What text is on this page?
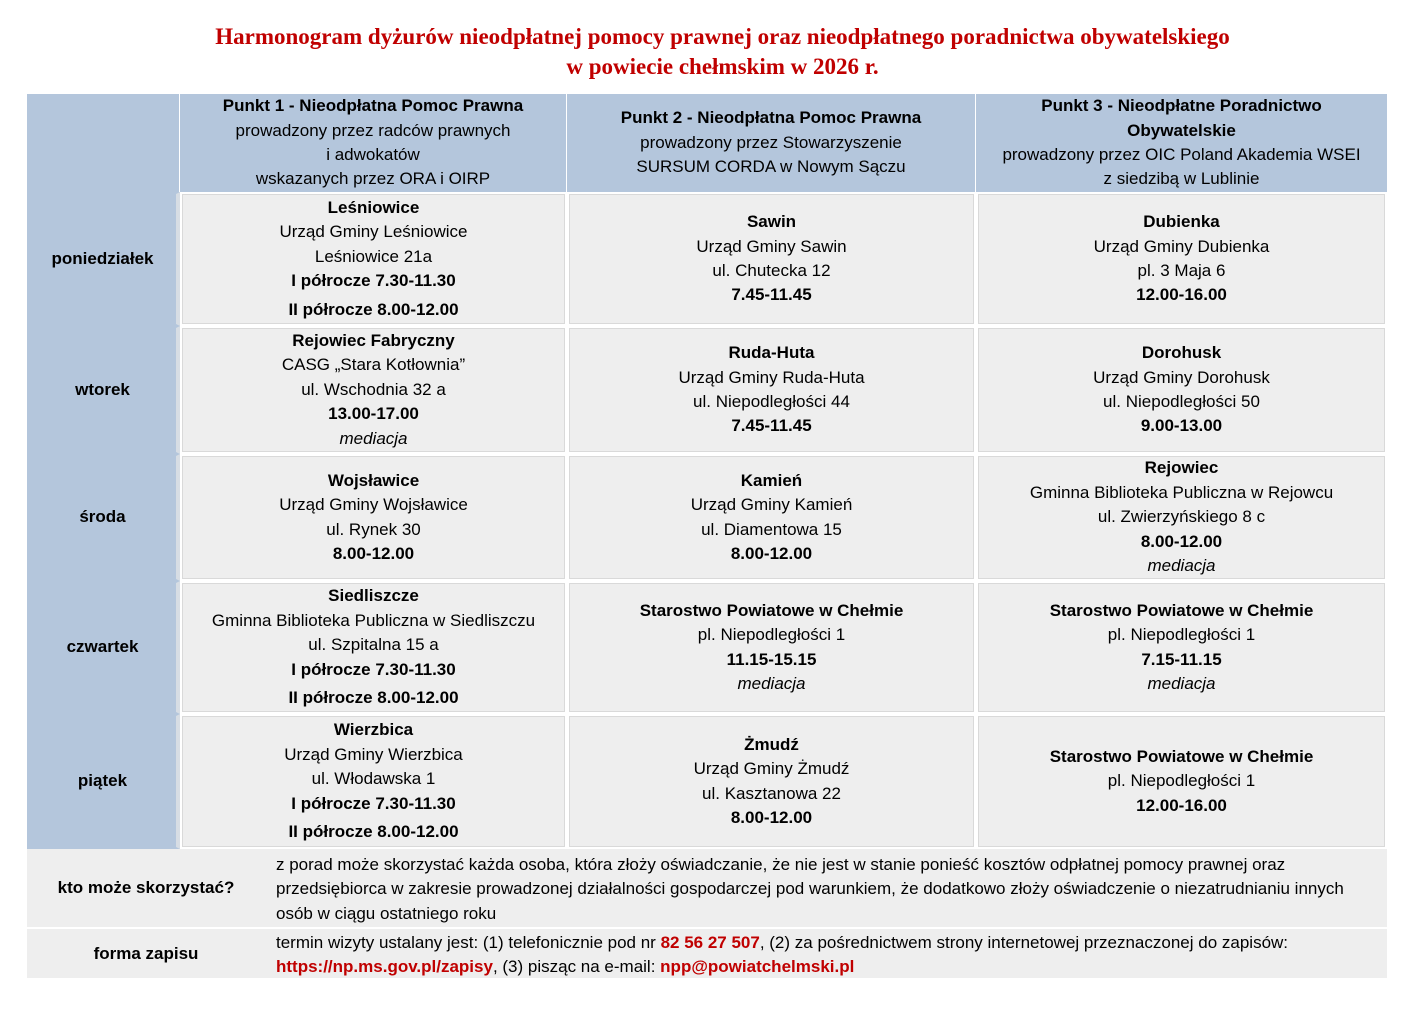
Harmonogram dyżurów nieodpłatnej pomocy prawnej oraz nieodpłatnego poradnictwa obywatelskiego
w powiecie chełmskim w 2026 r.
Punkt 1 - Nieodpłatna Pomoc Prawna
prowadzony przez radców prawnych
i adwokatów
wskazanych przez ORA i OIRP
Punkt 2 - Nieodpłatna Pomoc Prawna
prowadzony przez Stowarzyszenie
SURSUM CORDA w Nowym Sączu
Punkt 3 - Nieodpłatne Poradnictwo
Obywatelskie
prowadzony przez OIC Poland Akademia WSEI
z siedzibą w Lublinie
poniedziałek
Leśniowice
Urząd Gminy Leśniowice
Leśniowice 21a
I półrocze 7.30-11.30
II półrocze 8.00-12.00
Sawin
Urząd Gminy Sawin
ul. Chutecka 12
7.45-11.45
Dubienka
Urząd Gminy Dubienka
pl. 3 Maja 6
12.00-16.00
wtorek
Rejowiec Fabryczny
CASG „Stara Kotłownia”
ul. Wschodnia 32 a
13.00-17.00
mediacja
Ruda-Huta
Urząd Gminy Ruda-Huta
ul. Niepodległości 44
7.45-11.45
Dorohusk
Urząd Gminy Dorohusk
ul. Niepodległości 50
9.00-13.00
środa
Wojsławice
Urząd Gminy Wojsławice
ul. Rynek 30
8.00-12.00
Kamień
Urząd Gminy Kamień
ul. Diamentowa 15
8.00-12.00
Rejowiec
Gminna Biblioteka Publiczna w Rejowcu
ul. Zwierzyńskiego 8 c
8.00-12.00
mediacja
czwartek
Siedliszcze
Gminna Biblioteka Publiczna w Siedliszczu
ul. Szpitalna 15 a
I półrocze 7.30-11.30
II półrocze 8.00-12.00
Starostwo Powiatowe w Chełmie
pl. Niepodległości 1
11.15-15.15
mediacja
Starostwo Powiatowe w Chełmie
pl. Niepodległości 1
7.15-11.15
mediacja
piątek
Wierzbica
Urząd Gminy Wierzbica
ul. Włodawska 1
I półrocze 7.30-11.30
II półrocze 8.00-12.00
Żmudź
Urząd Gminy Żmudź
ul. Kasztanowa 22
8.00-12.00
Starostwo Powiatowe w Chełmie
pl. Niepodległości 1
12.00-16.00
kto może skorzystać?
z porad może skorzystać każda osoba, która złoży oświadczanie, że nie jest w stanie ponieść kosztów odpłatnej pomocy prawnej oraz przedsiębiorca w zakresie prowadzonej działalności gospodarczej pod warunkiem, że dodatkowo złoży oświadczenie o niezatrudnianiu innych osób w ciągu ostatniego roku
forma zapisu
termin wizyty ustalany jest: (1) telefonicznie pod nr 82 56 27 507, (2) za pośrednictwem strony internetowej przeznaczonej do zapisów: https://np.ms.gov.pl/zapisy, (3) pisząc na e-mail: npp@powiatchelmski.pl
